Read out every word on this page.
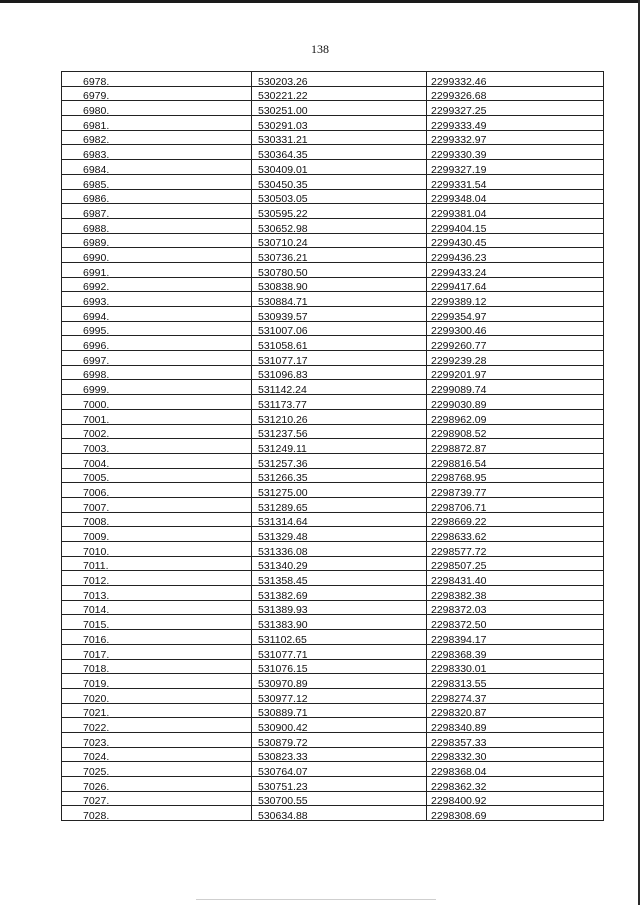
138
6978.	530203.26	2299332.46
6979.	530221.22	2299326.68
6980.	530251.00	2299327.25
6981.	530291.03	2299333.49
6982.	530331.21	2299332.97
6983.	530364.35	2299330.39
6984.	530409.01	2299327.19
6985.	530450.35	2299331.54
6986.	530503.05	2299348.04
6987.	530595.22	2299381.04
6988.	530652.98	2299404.15
6989.	530710.24	2299430.45
6990.	530736.21	2299436.23
6991.	530780.50	2299433.24
6992.	530838.90	2299417.64
6993.	530884.71	2299389.12
6994.	530939.57	2299354.97
6995.	531007.06	2299300.46
6996.	531058.61	2299260.77
6997.	531077.17	2299239.28
6998.	531096.83	2299201.97
6999.	531142.24	2299089.74
7000.	531173.77	2299030.89
7001.	531210.26	2298962.09
7002.	531237.56	2298908.52
7003.	531249.11	2298872.87
7004.	531257.36	2298816.54
7005.	531266.35	2298768.95
7006.	531275.00	2298739.77
7007.	531289.65	2298706.71
7008.	531314.64	2298669.22
7009.	531329.48	2298633.62
7010.	531336.08	2298577.72
7011.	531340.29	2298507.25
7012.	531358.45	2298431.40
7013.	531382.69	2298382.38
7014.	531389.93	2298372.03
7015.	531383.90	2298372.50
7016.	531102.65	2298394.17
7017.	531077.71	2298368.39
7018.	531076.15	2298330.01
7019.	530970.89	2298313.55
7020.	530977.12	2298274.37
7021.	530889.71	2298320.87
7022.	530900.42	2298340.89
7023.	530879.72	2298357.33
7024.	530823.33	2298332.30
7025.	530764.07	2298368.04
7026.	530751.23	2298362.32
7027.	530700.55	2298400.92
7028.	530634.88	2298308.69
